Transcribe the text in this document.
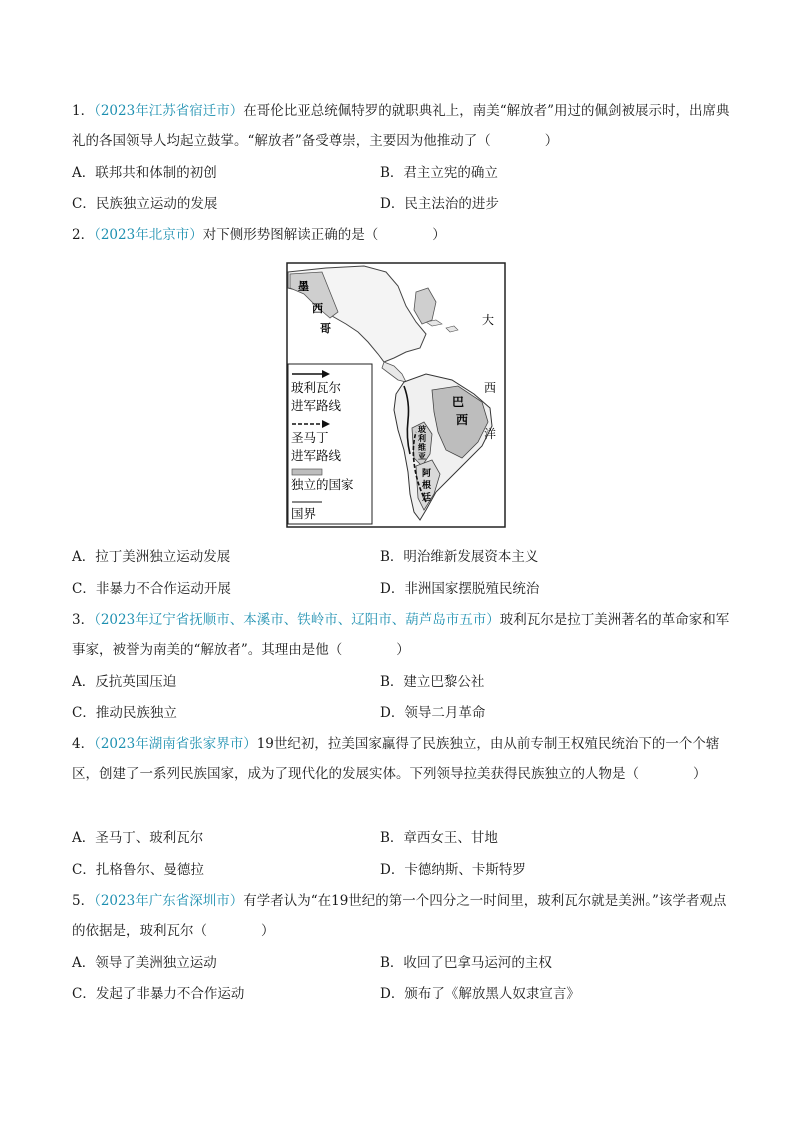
1．（2023年江苏省宿迁市）在哥伦比亚总统佩特罗的就职典礼上，南美“解放者”用过的佩剑被展示时，出席典礼的各国领导人均起立鼓掌。“解放者”备受尊崇，主要因为他推动了（　　　　）
A．联邦共和体制的初创	B．君主立宪的确立
C．民族独立运动的发展	D．民主法治的进步
2．（2023年北京市）对下侧形势图解读正确的是（　　　　）
玻利瓦尔
进军路线
圣马丁
进军路线
独立的国家
国界
墨
西
哥
大
西
洋
巴
西
玻
利
维
亚
阿
根
廷
A．拉丁美洲独立运动发展	B．明治维新发展资本主义
C．非暴力不合作运动开展	D．非洲国家摆脱殖民统治
3．（2023年辽宁省抚顺市、本溪市、铁岭市、辽阳市、葫芦岛市五市）玻利瓦尔是拉丁美洲著名的革命家和军事家，被誉为南美的“解放者”。其理由是他（　　　　）
A．反抗英国压迫	B．建立巴黎公社
C．推动民族独立	D．领导二月革命
4．（2023年湖南省张家界市）19世纪初，拉美国家赢得了民族独立，由从前专制王权殖民统治下的一个个辖区，创建了一系列民族国家，成为了现代化的发展实体。下列领导拉美获得民族独立的人物是（　　　　）
A．圣马丁、玻利瓦尔	B．章西女王、甘地
C．扎格鲁尔、曼德拉	D．卡德纳斯、卡斯特罗
5．（2023年广东省深圳市）有学者认为“在19世纪的第一个四分之一时间里，玻利瓦尔就是美洲。”该学者观点的依据是，玻利瓦尔（　　　　）
A．领导了美洲独立运动	B．收回了巴拿马运河的主权
C．发起了非暴力不合作运动	D．颁布了《解放黑人奴隶宣言》
